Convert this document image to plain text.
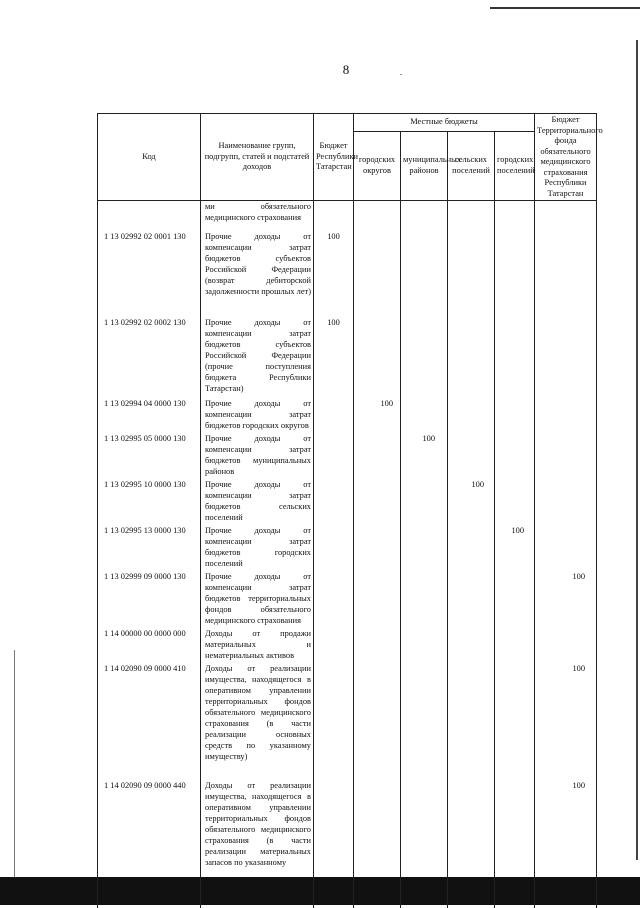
8
Код	Наименование групп, подгрупп, статей и подстатей доходов	Бюджет Республики Татарстан	Местные бюджеты				Бюджет Территориального фонда обязательного медицинского страхования Республики Татарстан
			городских округов	муниципальных районов	сельских поселений	городских поселений	
	ми обязательного медицинского страхования						
1 13 02992 02 0001 130	Прочие доходы от компенсации затрат бюджетов субъектов Российской Федерации (возврат дебиторской задолженности прошлых лет)	100					
1 13 02992 02 0002 130	Прочие доходы от компенсации затрат бюджетов субъектов Российской Федерации (прочие поступления бюджета Республики Татарстан)	100					
1 13 02994 04 0000 130	Прочие доходы от компенсации затрат бюджетов городских округов		100				
1 13 02995 05 0000 130	Прочие доходы от компенсации затрат бюджетов муниципальных районов			100			
1 13 02995 10 0000 130	Прочие доходы от компенсации затрат бюджетов сельских поселений				100		
1 13 02995 13 0000 130	Прочие доходы от компенсации затрат бюджетов городских поселений					100	
1 13 02999 09 0000 130	Прочие доходы от компенсации затрат бюджетов территориальных фондов обязательного медицинского страхования						100
1 14 00000 00 0000 000	Доходы от продажи материальных и нематериальных активов						
1 14 02090 09 0000 410	Доходы от реализации имущества, находящегося в оперативном управлении территориальных фондов обязательного медицинского страхования (в части реализации основных средств по указанному имуществу)						100
1 14 02090 09 0000 440	Доходы от реализации имущества, находящегося в оперативном управлении территориальных фондов обязательного медицинского страхования (в части реализации материальных запасов по указанному						100
